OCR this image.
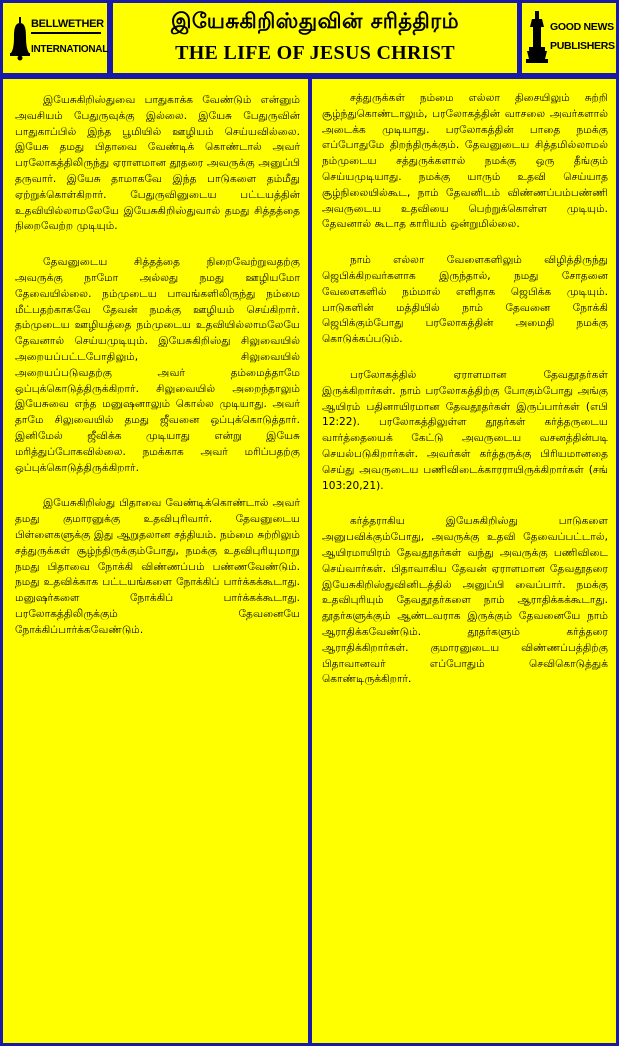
BELLWETHER
INTERNATIONAL
இயேசுகிறிஸ்துவின் சரித்திரம்
THE LIFE OF JESUS CHRIST
GOOD NEWS
PUBLISHERS

இயேசுகிறிஸ்துவை பாதுகாக்க வேண்டும் என்னும் அவசியம் பேதுருவுக்கு இல்லை. இயேசு பேதுருவின் பாதுகாப்பில் இந்த பூமியில் ஊழியம் செய்யவில்லை. இயேசு தமது பிதாவை வேண்டிக் கொண்டால் அவர் பரலோகத்திலிருந்து ஏராளமான தூதரை அவருக்கு அனுப்பி தருவார். இயேசு தாமாகவே இந்த பாடுகளை தம்மீது ஏற்றுக்கொள்கிறார். பேதுருவினுடைய பட்டயத்தின் உதவியில்லாமலேயே இயேசுகிறிஸ்துவால் தமது சித்தத்தை நிறைவேற்ற முடியும்.

தேவனுடைய சித்தத்தை நிறைவேற்றுவதற்கு அவருக்கு நாமோ அல்லது நமது ஊழியமோ தேவையில்லை. நம்முடைய பாவங்களிலிருந்து நம்மை மீட்பதற்காகவே தேவன் நமக்கு ஊழியம் செய்கிறார். தம்முடைய ஊழியத்தை நம்முடைய உதவியில்லாமலேயே தேவனால் செய்யமுடியும். இயேசுகிறிஸ்து சிலுவையில் அறையப்பட்டபோதிலும், சிலுவையில் அறையப்படுவதற்கு அவர் தம்மைத்தாமே ஒப்புக்கொடுத்திருக்கிறார். சிலுவையில் அறைந்தாலும் இயேசுவை எந்த மனுஷனாலும் கொல்ல முடியாது. அவர் தாமே சிலுவையில் தமது ஜீவனை ஒப்புக்கொடுத்தார். இனிமேல் ஜீவிக்க முடியாது என்று இயேசு மரித்துப்போகவில்லை. நமக்காக அவர் மரிப்பதற்கு ஒப்புக்கொடுத்திருக்கிறார்.

இயேசுகிறிஸ்து பிதாவை வேண்டிக்கொண்டால் அவர் தமது குமாரனுக்கு உதவிபுரிவார். தேவனுடைய பிள்ளைகளுக்கு இது ஆறுதலான சத்தியம். நம்மை சுற்றிலும் சத்துருக்கள் சூழ்ந்திருக்கும்போது, நமக்கு உதவிபுரியுமாறு நமது பிதாவை நோக்கி விண்ணப்பம் பண்ணவேண்டும். நமது உதவிக்காக பட்டயங்களை நோக்கிப் பார்க்கக்கூடாது. மனுஷர்களை நோக்கிப் பார்க்கக்கூடாது. பரலோகத்திலிருக்கும் தேவனையே நோக்கிப்பார்க்கவேண்டும்.

சத்துருக்கள் நம்மை எல்லா திசையிலும் சுற்றி சூழ்ந்துகொண்டாலும், பரலோகத்தின் வாசலை அவர்களால் அடைக்க முடியாது. பரலோகத்தின் பாதை நமக்கு எப்போதுமே திறந்திருக்கும். தேவனுடைய சித்தமில்லாமல் நம்முடைய சத்துருக்களால் நமக்கு ஒரு தீங்கும் செய்யமுடியாது. நமக்கு யாரும் உதவி செய்யாத சூழ்நிலையில்கூட, நாம் தேவனிடம் விண்ணப்பம்பண்ணி அவருடைய உதவியை பெற்றுக்கொள்ள முடியும். தேவனால் கூடாத காரியம் ஒன்றுமில்லை.

நாம் எல்லா வேளைகளிலும் விழித்திருந்து ஜெபிக்கிறவர்களாக இருந்தால், நமது சோதனை வேளைகளில் நம்மால் எளிதாக ஜெபிக்க முடியும். பாடுகளின் மத்தியில் நாம் தேவனை நோக்கி ஜெபிக்கும்போது பரலோகத்தின் அமைதி நமக்கு கொடுக்கப்படும்.

பரலோகத்தில் ஏராளமான தேவதூதர்கள் இருக்கிறார்கள். நாம் பரலோகத்திற்கு போகும்போது அங்கு ஆயிரம் பதினாயிரமான தேவதூதர்கள் இருப்பார்கள் (எபி 12:22). பரலோகத்திலுள்ள தூதர்கள் கர்த்தருடைய வார்த்தையைக் கேட்டு அவருடைய வசனத்தின்படி செயல்படுகிறார்கள். அவர்கள் கர்த்தருக்கு பிரியமானதை செய்து அவருடைய பணிவிடைக்காரராயிருக்கிறார்கள் (சங் 103:20,21).

கர்த்தராகிய இயேசுகிறிஸ்து பாடுகளை அனுபவிக்கும்போது, அவருக்கு உதவி தேவைப்பட்டால், ஆயிரமாயிரம் தேவதூதர்கள் வந்து அவருக்கு பணிவிடை செய்வார்கள். பிதாவாகிய தேவன் ஏராளமான தேவதூதரை இயேசுகிறிஸ்துவினிடத்தில் அனுப்பி வைப்பார். நமக்கு உதவிபுரியும் தேவதூதர்களை நாம் ஆராதிக்கக்கூடாது. தூதர்களுக்கும் ஆண்டவராக இருக்கும் தேவனையே நாம் ஆராதிக்கவேண்டும். தூதர்களும் கர்த்தரை ஆராதிக்கிறார்கள். குமாரனுடைய விண்ணப்பத்திற்கு பிதாவானவர் எப்போதும் செவிகொடுத்துக் கொண்டிருக்கிறார்.
